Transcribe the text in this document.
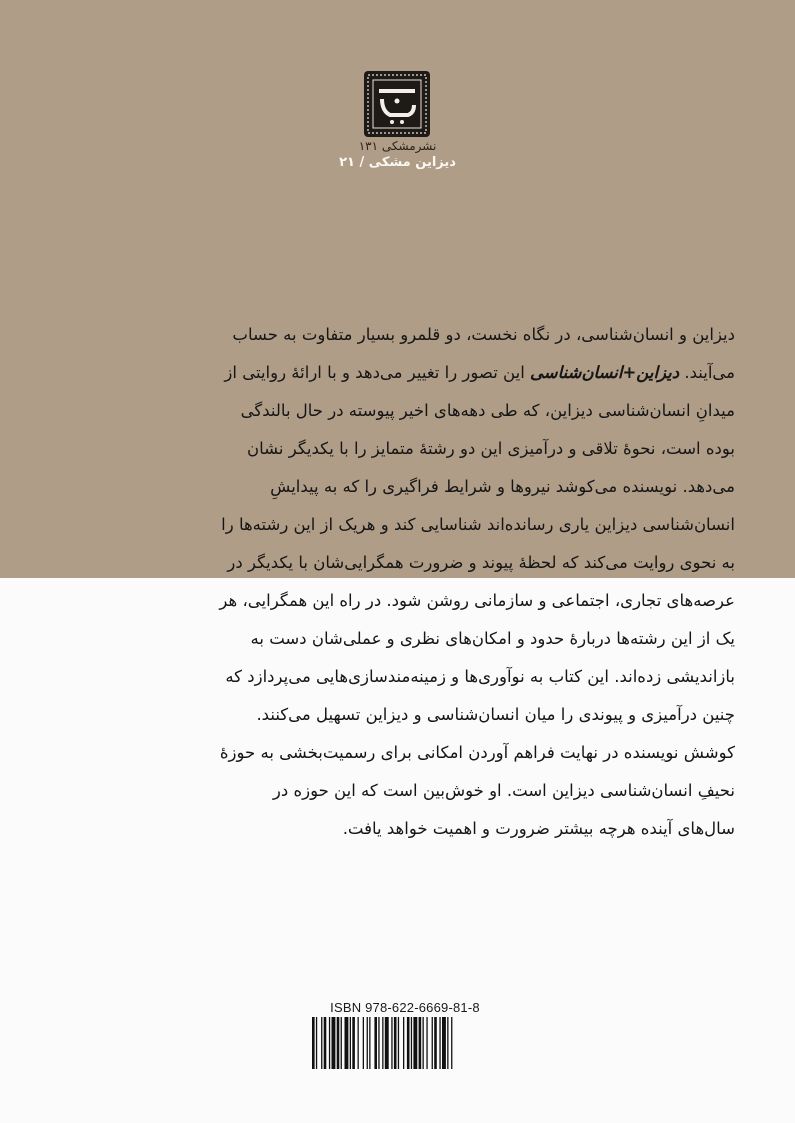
نشرمشکی ۱۳۱
دیزاین مشکی / ۲۱
دیزاین و انسان‌شناسی، در نگاه نخست، دو قلمرو بسیار متفاوت به حساب
می‌آیند. دیزاین+انسان‌شناسی این تصور را تغییر می‌دهد و با ارائهٔ روایتی از
میدانِ انسان‌شناسی دیزاین، که طی دهه‌های اخیر پیوسته در حال بالندگی
بوده است، نحوهٔ تلاقی و درآمیزی این دو رشتهٔ متمایز را با یکدیگر نشان
می‌دهد. نویسنده می‌کوشد نیروها و شرایط فراگیری را که به پیدایشِ
انسان‌شناسی دیزاین یاری رسانده‌اند شناسایی کند و هریک از این رشته‌ها را
به نحوی روایت می‌کند که لحظهٔ پیوند و ضرورت همگرایی‌شان با یکدیگر در
عرصه‌های تجاری، اجتماعی و سازمانی روشن شود. در راه این همگرایی، هر
یک از این رشته‌ها دربارهٔ حدود و امکان‌های نظری و عملی‌شان دست به
بازاندیشی زده‌اند. این کتاب به نوآوری‌ها و زمینه‌مندسازی‌هایی می‌پردازد که
چنین درآمیزی و پیوندی را میان انسان‌شناسی و دیزاین تسهیل می‌کنند.
کوشش نویسنده در نهایت فراهم آوردن امکانی برای رسمیت‌بخشی به حوزهٔ
نحیفِ انسان‌شناسی دیزاین است. او خوش‌بین است که این حوزه در
سال‌های آینده هرچه بیشتر ضرورت و اهمیت خواهد یافت.
ISBN 978-622-6669-81-8
